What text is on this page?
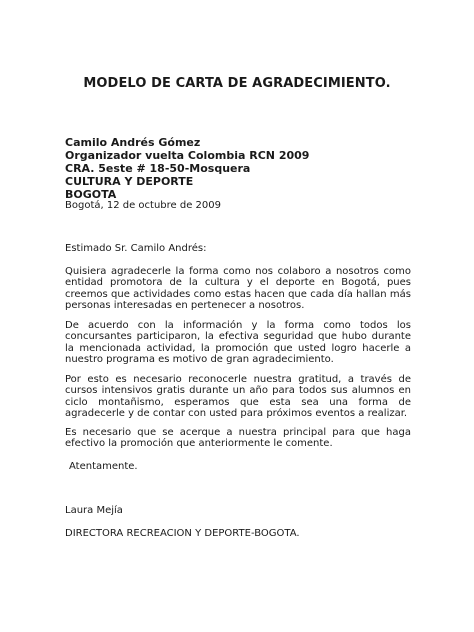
MODELO DE CARTA DE AGRADECIMIENTO.
Camilo Andrés Gómez
Organizador vuelta Colombia RCN 2009
CRA. 5este # 18-50-Mosquera
CULTURA Y DEPORTE
BOGOTA
Bogotá, 12 de octubre de 2009
Estimado Sr. Camilo Andrés:
Quisiera agradecerle la forma como nos colaboro a nosotros como entidad promotora de la cultura y el deporte en Bogotá, pues creemos que actividades como estas hacen que cada día hallan más personas interesadas en pertenecer a nosotros.
De acuerdo con la información y la forma como todos los concursantes participaron, la efectiva seguridad que hubo durante la mencionada actividad, la promoción que usted logro hacerle a nuestro programa es motivo de gran agradecimiento.
Por esto es necesario reconocerle nuestra gratitud, a través de cursos intensivos gratis durante un año para todos sus alumnos en ciclo montañismo, esperamos que esta sea una forma de agradecerle y de contar con usted para próximos eventos a realizar.
Es necesario que se acerque a nuestra principal para que haga efectivo la promoción que anteriormente le comente.
Atentamente.
Laura Mejía
DIRECTORA RECREACION Y DEPORTE-BOGOTA.
